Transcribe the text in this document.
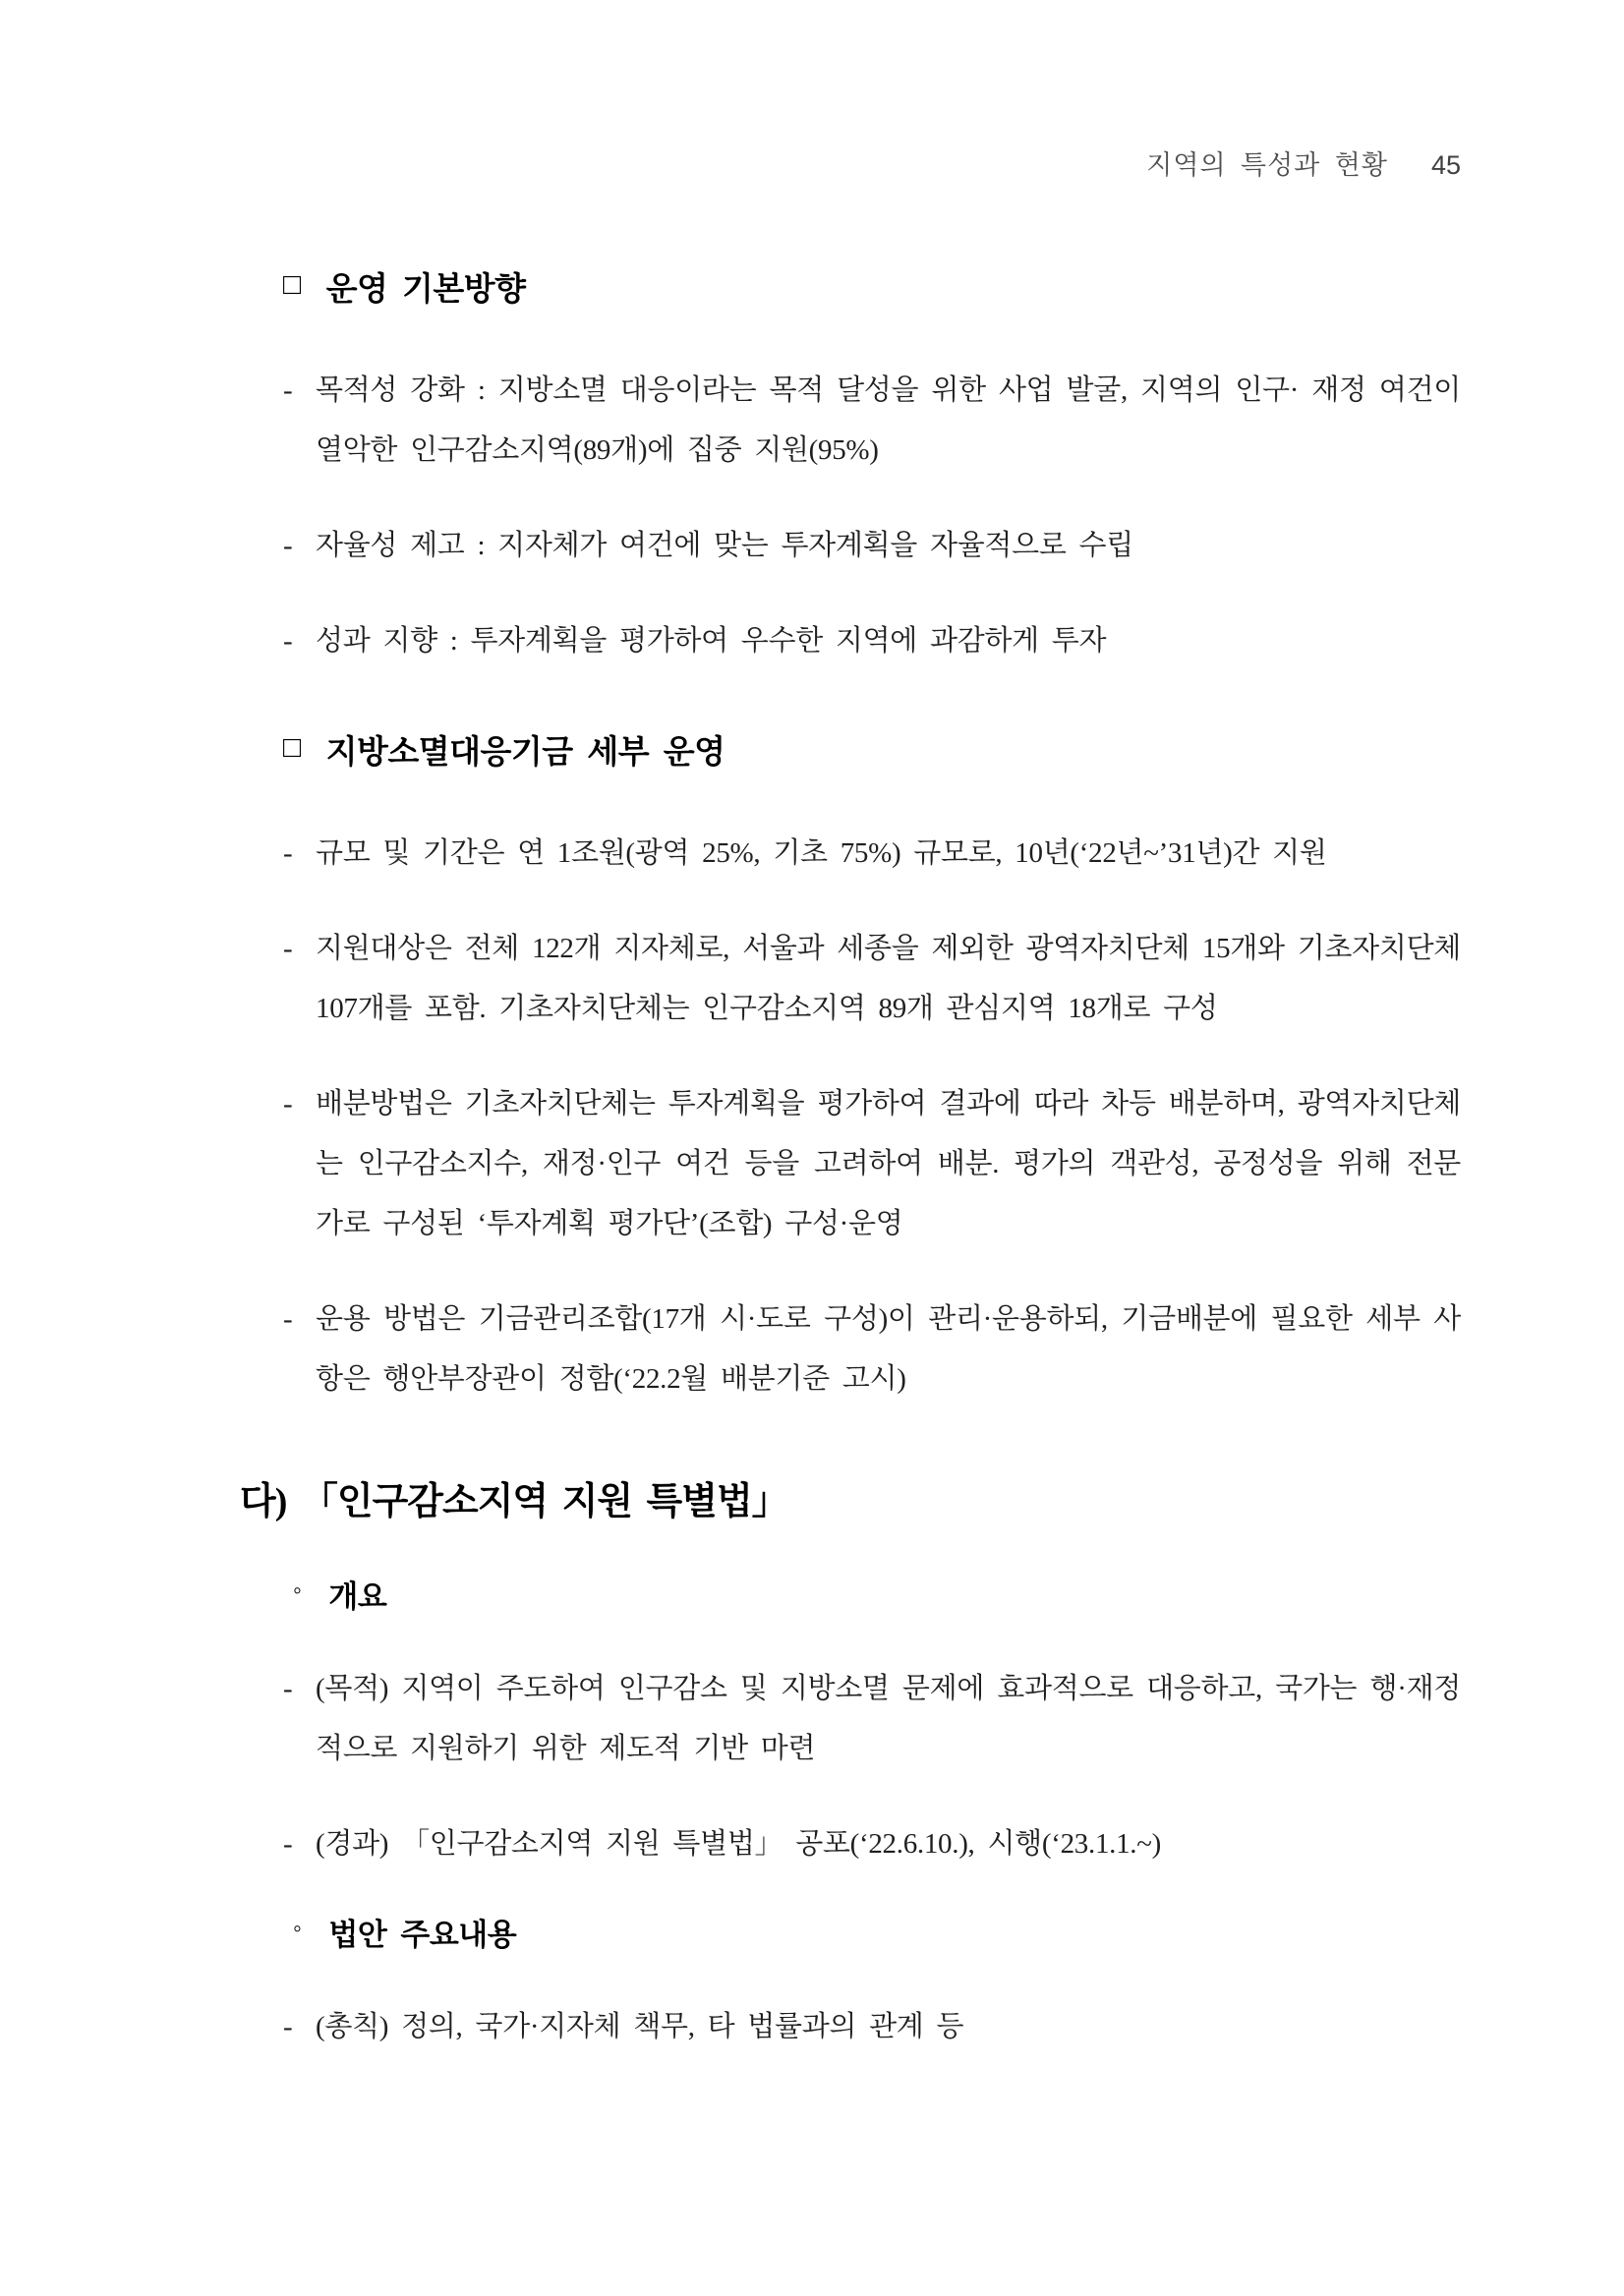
지역의 특성과 현황 45
□ 운영 기본방향
- 목적성 강화 : 지방소멸 대응이라는 목적 달성을 위한 사업 발굴, 지역의 인구· 재정 여건이 열악한 인구감소지역(89개)에 집중 지원(95%)
- 자율성 제고 : 지자체가 여건에 맞는 투자계획을 자율적으로 수립
- 성과 지향 : 투자계획을 평가하여 우수한 지역에 과감하게 투자
□ 지방소멸대응기금 세부 운영
- 규모 및 기간은 연 1조원(광역 25%, 기초 75%) 규모로, 10년(‘22년~’31년)간 지원
- 지원대상은 전체 122개 지자체로, 서울과 세종을 제외한 광역자치단체 15개와 기초자치단체 107개를 포함. 기초자치단체는 인구감소지역 89개 관심지역 18개로 구성
- 배분방법은 기초자치단체는 투자계획을 평가하여 결과에 따라 차등 배분하며, 광역자치단체는 인구감소지수, 재정·인구 여건 등을 고려하여 배분. 평가의 객관성, 공정성을 위해 전문가로 구성된 ‘투자계획 평가단’(조합) 구성·운영
- 운용 방법은 기금관리조합(17개 시·도로 구성)이 관리·운용하되, 기금배분에 필요한 세부 사항은 행안부장관이 정함(‘22.2월 배분기준 고시)
다) 「인구감소지역 지원 특별법」
◦ 개요
- (목적) 지역이 주도하여 인구감소 및 지방소멸 문제에 효과적으로 대응하고, 국가는 행·재정적으로 지원하기 위한 제도적 기반 마련
- (경과) 「인구감소지역 지원 특별법」 공포(‘22.6.10.), 시행(‘23.1.1.~)
◦ 법안 주요내용
- (총칙) 정의, 국가·지자체 책무, 타 법률과의 관계 등
